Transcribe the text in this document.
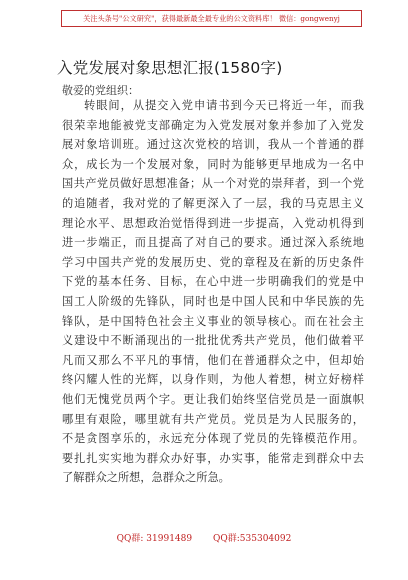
关注头条号"公文研究"，获得最新最全最专业的公文资料库！ 微信：gongwenyj
入党发展对象思想汇报(1580字)
敬爱的党组织：
转眼间，从提交入党申请书到今天已将近一年，而我
很荣幸地能被党支部确定为入党发展对象并参加了入党发
展对象培训班。通过这次党校的培训，我从一个普通的群
众，成长为一个发展对象，同时为能够更早地成为一名中
国共产党员做好思想准备；从一个对党的崇拜者，到一个党
的追随者，我对党的了解更深入了一层，我的马克思主义
理论水平、思想政治觉悟得到进一步提高，入党动机得到
进一步端正，而且提高了对自己的要求。通过深入系统地
学习中国共产党的发展历史、党的章程及在新的历史条件
下党的基本任务、目标，在心中进一步明确我们的党是中
国工人阶级的先锋队，同时也是中国人民和中华民族的先
锋队，是中国特色社会主义事业的领导核心。而在社会主
义建设中不断涌现出的一批批优秀共产党员，他们做着平
凡而又那么不平凡的事情，他们在普通群众之中，但却始
终闪耀人性的光辉，以身作则，为他人着想，树立好榜样
他们无愧党员两个字。更让我们始终坚信党员是一面旗帜
哪里有艰险，哪里就有共产党员。党员是为人民服务的，
不是贪图享乐的，永远充分体现了党员的先锋模范作用。
要扎扎实实地为群众办好事，办实事，能常走到群众中去
了解群众之所想，急群众之所急。
QQ群: 31991489 QQ群:535304092
